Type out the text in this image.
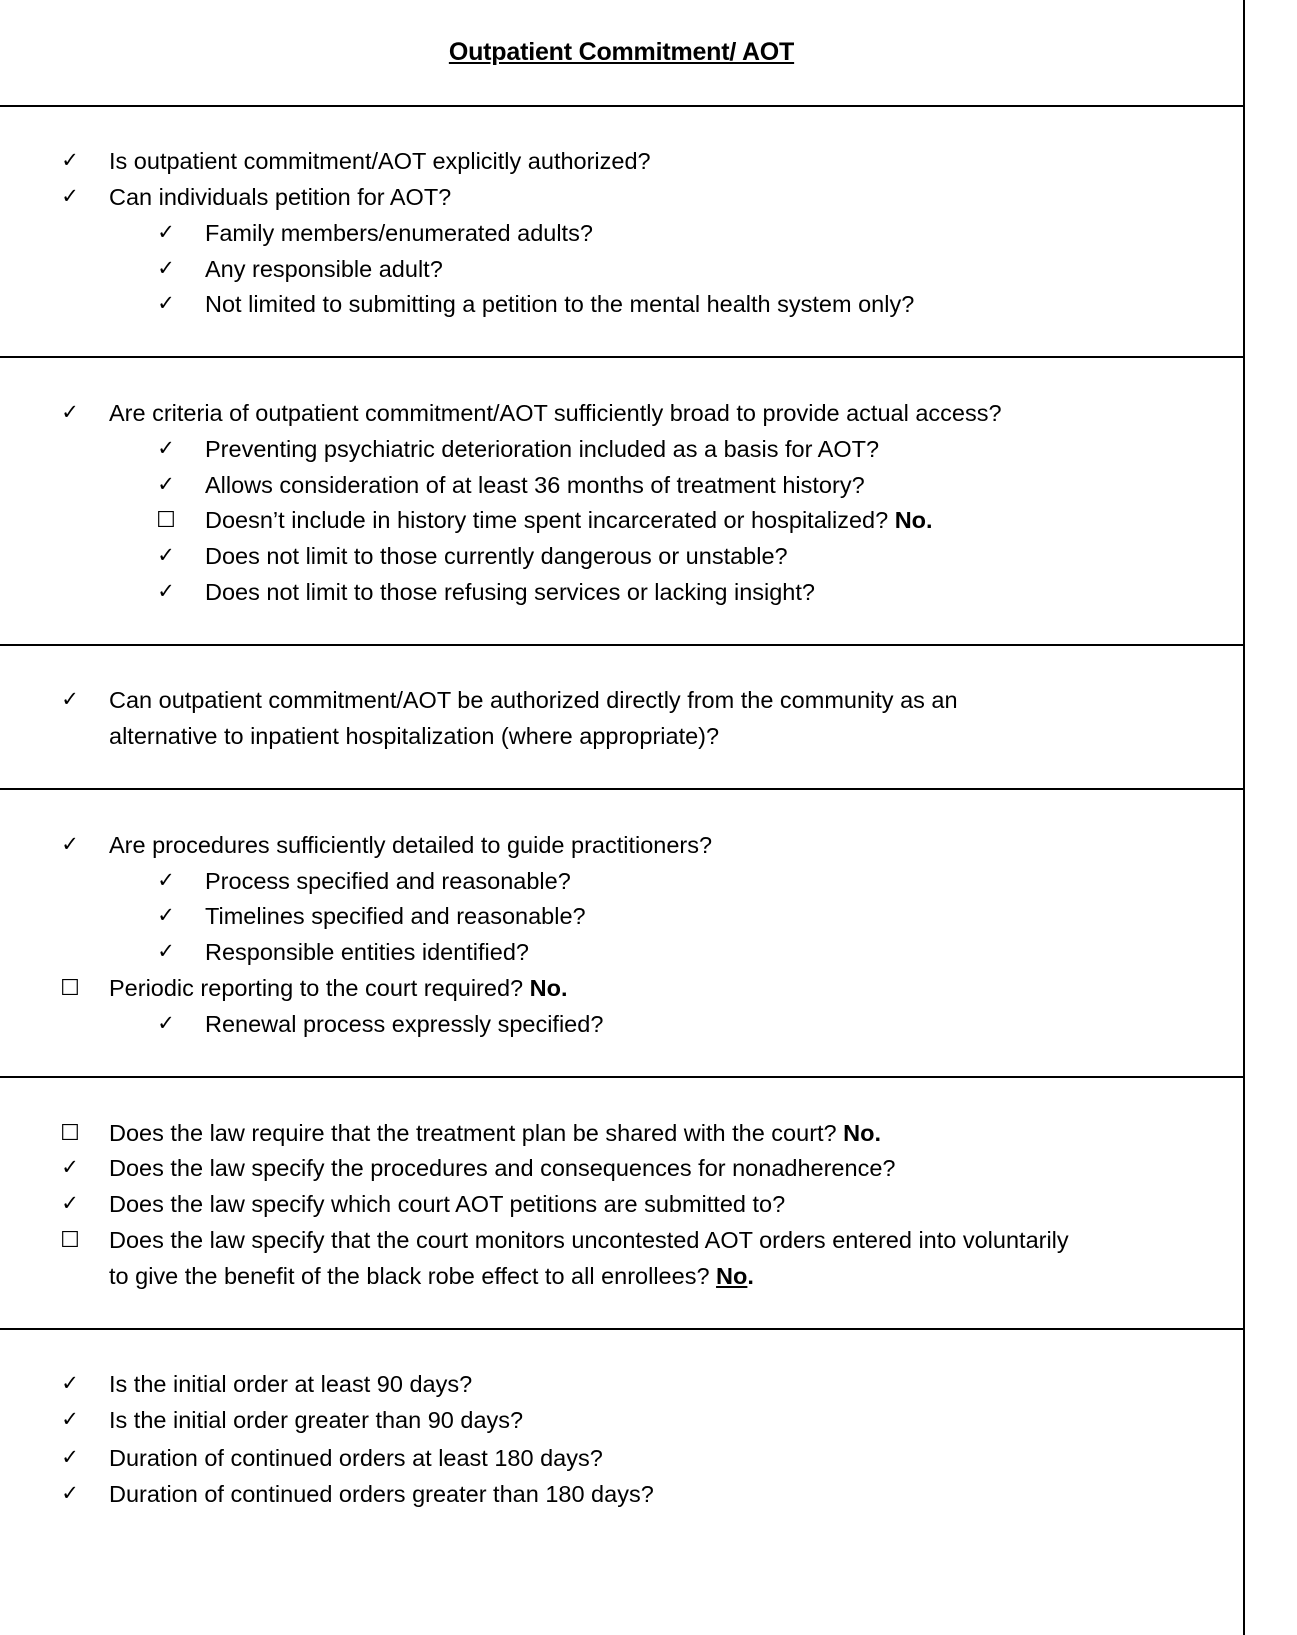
Outpatient Commitment/ AOT
✓ Is outpatient commitment/AOT explicitly authorized?
✓ Can individuals petition for AOT?
✓ Family members/enumerated adults?
✓ Any responsible adult?
✓ Not limited to submitting a petition to the mental health system only?
✓ Are criteria of outpatient commitment/AOT sufficiently broad to provide actual access?
✓ Preventing psychiatric deterioration included as a basis for AOT?
✓ Allows consideration of at least 36 months of treatment history?
☐ Doesn’t include in history time spent incarcerated or hospitalized? No.
✓ Does not limit to those currently dangerous or unstable?
✓ Does not limit to those refusing services or lacking insight?
✓ Can outpatient commitment/AOT be authorized directly from the community as an
alternative to inpatient hospitalization (where appropriate)?
✓ Are procedures sufficiently detailed to guide practitioners?
✓ Process specified and reasonable?
✓ Timelines specified and reasonable?
✓ Responsible entities identified?
☐ Periodic reporting to the court required? No.
✓ Renewal process expressly specified?
☐ Does the law require that the treatment plan be shared with the court? No.
✓ Does the law specify the procedures and consequences for nonadherence?
✓ Does the law specify which court AOT petitions are submitted to?
☐ Does the law specify that the court monitors uncontested AOT orders entered into voluntarily
to give the benefit of the black robe effect to all enrollees? No.
✓ Is the initial order at least 90 days?
✓ Is the initial order greater than 90 days?
✓ Duration of continued orders at least 180 days?
✓ Duration of continued orders greater than 180 days?
